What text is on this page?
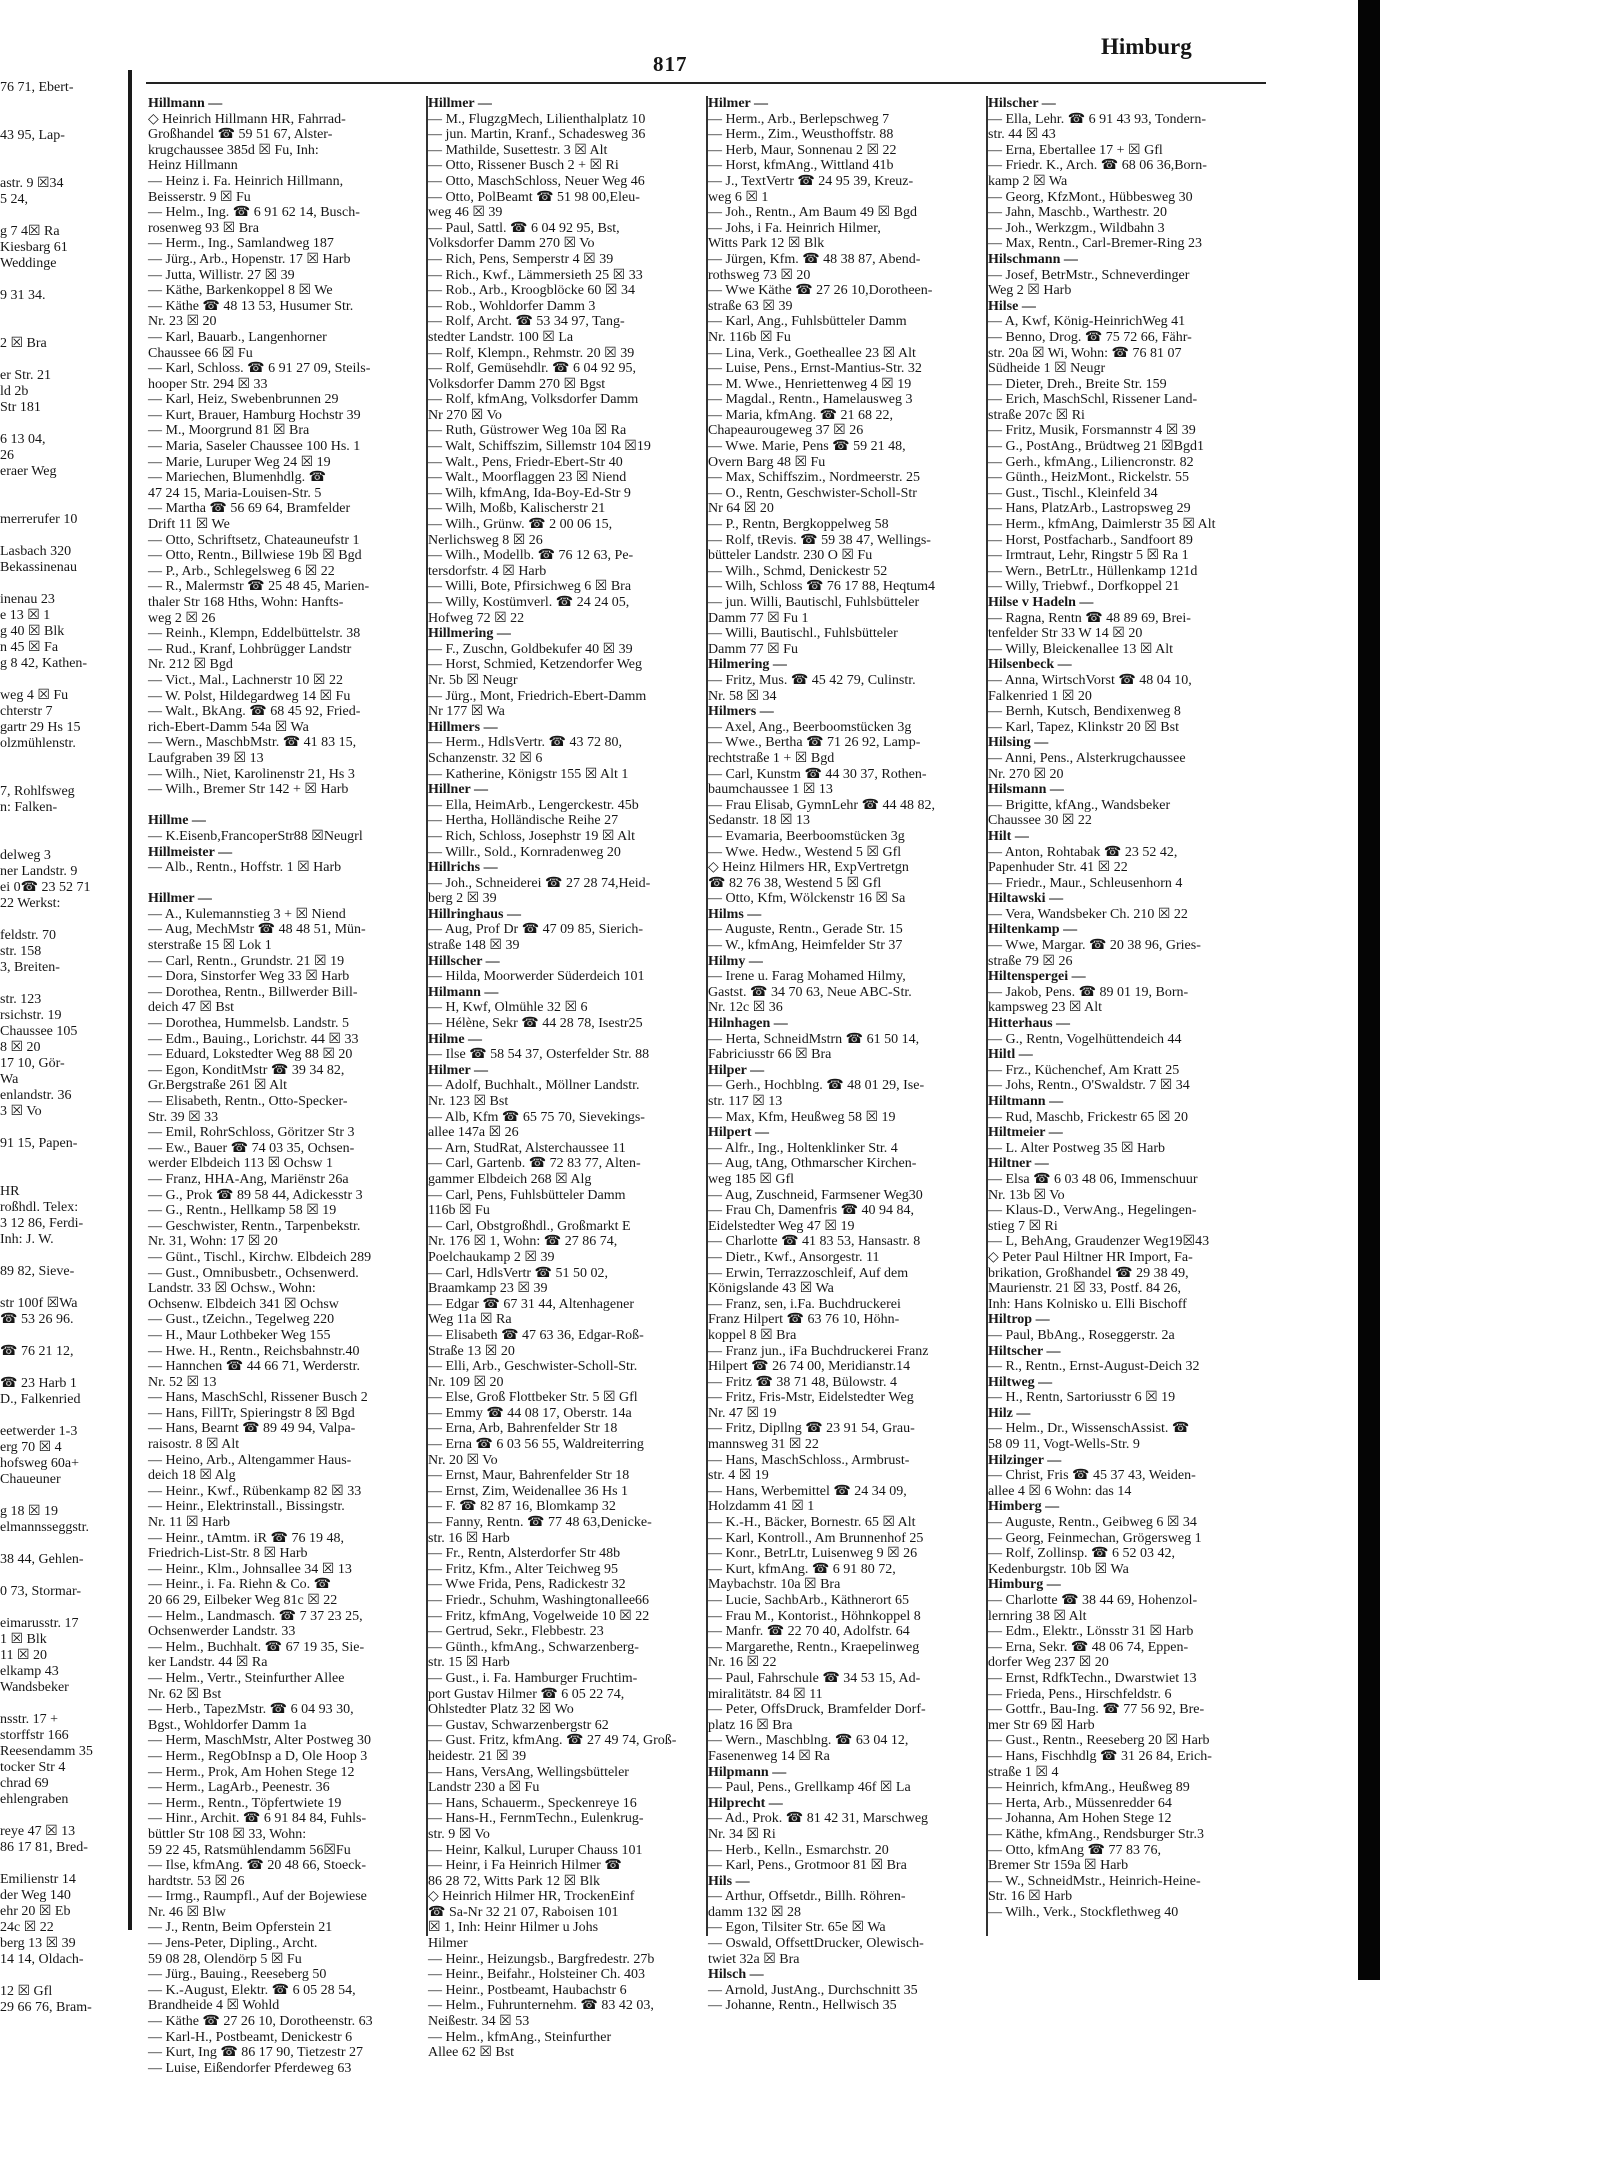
76 71, Ebert-
43 95, Lap-
astr. 9 ☒34
5 24,
g 7 4☒ Ra
Kiesbarg 61
Weddinge
9 31 34.
2 ☒ Bra
er Str. 21
ld 2b
Str 181
6 13 04,
26
eraer Weg
merrerufer 10
Lasbach 320
Bekassinenau
inenau 23
e 13 ☒ 1
g 40 ☒ Blk
n 45 ☒ Fa
g 8 42, Kathen-
weg 4 ☒ Fu
chterstr 7
gartr 29 Hs 15
olzmühlenstr.
7, Rohlfsweg
n: Falken-
delweg 3
ner Landstr. 9
ei 0☎ 23 52 71
22 Werkst:
feldstr. 70
str. 158
3, Breiten-
str. 123
rsichstr. 19
Chaussee 105
8 ☒ 20
17 10, Gör-
Wa
enlandstr. 36
3 ☒ Vo
91 15, Papen-
HR
roßhdl. Telex:
3 12 86, Ferdi-
Inh: J. W.
89 82, Sieve-
str 100f ☒Wa
☎ 53 26 96.
☎ 76 21 12,
☎ 23 Harb 1
D., Falkenried
eetwerder 1-3
erg 70 ☒ 4
hofsweg 60a+
Chaueuner
g 18 ☒ 19
elmannsseggstr.
38 44, Gehlen-
0 73, Stormar-
eimarusstr. 17
1 ☒ Blk
11 ☒ 20
elkamp 43
Wandsbeker
nsstr. 17 +
storffstr 166
Reesendamm 35
tocker Str 4
chrad 69
ehlengraben
reye 47 ☒ 13
86 17 81, Bred-
Emilienstr 14
der Weg 140
ehr 20 ☒ Eb
24c ☒ 22
berg 13 ☒ 39
14 14, Oldach-
12 ☒ Gfl
29 66 76, Bram-
817
Himburg

Hillmann —

◇ Heinrich Hillmann HR, Fahrrad-

Großhandel ☎ 59 51 67, Alster-

krugchaussee 385d ☒ Fu, Inh:

Heinz Hillmann

— Heinz i. Fa. Heinrich Hillmann,

Beisserstr. 9 ☒ Fu

— Helm., Ing. ☎ 6 91 62 14, Busch-

rosenweg 93 ☒ Bra

— Herm., Ing., Samlandweg 187

— Jürg., Arb., Hopenstr. 17 ☒ Harb

— Jutta, Willistr. 27 ☒ 39

— Käthe, Barkenkoppel 8 ☒ We

— Käthe ☎ 48 13 53, Husumer Str.

Nr. 23 ☒ 20

— Karl, Bauarb., Langenhorner

Chaussee 66 ☒ Fu

— Karl, Schloss. ☎ 6 91 27 09, Steils-

hooper Str. 294 ☒ 33

— Karl, Heiz, Swebenbrunnen 29

— Kurt, Brauer, Hamburg Hochstr 39

— M., Moorgrund 81 ☒ Bra

— Maria, Saseler Chaussee 100 Hs. 1

— Marie, Luruper Weg 24 ☒ 19

— Mariechen, Blumenhdlg. ☎

47 24 15, Maria-Louisen-Str. 5

— Martha ☎ 56 69 64, Bramfelder

Drift 11 ☒ We

— Otto, Schriftsetz, Chateauneufstr 1

— Otto, Rentn., Billwiese 19b ☒ Bgd

— P., Arb., Schlegelsweg 6 ☒ 22

— R., Malermstr ☎ 25 48 45, Marien-

thaler Str 168 Hths, Wohn: Hanfts-

weg 2 ☒ 26

— Reinh., Klempn, Eddelbüttelstr. 38

— Rud., Kranf, Lohbrügger Landstr

Nr. 212 ☒ Bgd

— Vict., Mal., Lachnerstr 10 ☒ 22

— W. Polst, Hildegardweg 14 ☒ Fu

— Walt., BkAng. ☎ 68 45 92, Fried-

rich-Ebert-Damm 54a ☒ Wa

— Wern., MaschbMstr. ☎ 41 83 15,

Laufgraben 39 ☒ 13

— Wilh., Niet, Karolinenstr 21, Hs 3

— Wilh., Bremer Str 142 + ☒ Harb

Hillme —

— K.Eisenb,FrancoperStr88 ☒Neugrl

Hillmeister —

— Alb., Rentn., Hoffstr. 1 ☒ Harb

Hillmer —

— A., Kulemannstieg 3 + ☒ Niend

— Aug, MechMstr ☎ 48 48 51, Mün-

sterstraße 15 ☒ Lok 1

— Carl, Rentn., Grundstr. 21 ☒ 19

— Dora, Sinstorfer Weg 33 ☒ Harb

— Dorothea, Rentn., Billwerder Bill-

deich 47 ☒ Bst

— Dorothea, Hummelsb. Landstr. 5

— Edm., Bauing., Lorichstr. 44 ☒ 33

— Eduard, Lokstedter Weg 88 ☒ 20

— Egon, KonditMstr ☎ 39 34 82,

Gr.Bergstraße 261 ☒ Alt

— Elisabeth, Rentn., Otto-Specker-

Str. 39 ☒ 33

— Emil, RohrSchloss, Göritzer Str 3

— Ew., Bauer ☎ 74 03 35, Ochsen-

werder Elbdeich 113 ☒ Ochsw 1

— Franz, HHA-Ang, Mariënstr 26a

— G., Prok ☎ 89 58 44, Adickesstr 3

— G., Rentn., Hellkamp 58 ☒ 19

— Geschwister, Rentn., Tarpenbekstr.

Nr. 31, Wohn: 17 ☒ 20

— Günt., Tischl., Kirchw. Elbdeich 289

— Gust., Omnibusbetr., Ochsenwerd.

Landstr. 33 ☒ Ochsw., Wohn:

Ochsenw. Elbdeich 341 ☒ Ochsw

— Gust., tZeichn., Tegelweg 220

— H., Maur Lothbeker Weg 155

— Hwe. H., Rentn., Reichsbahnstr.40

— Hannchen ☎ 44 66 71, Werderstr.

Nr. 52 ☒ 13

— Hans, MaschSchl, Rissener Busch 2

— Hans, FillTr, Spieringstr 8 ☒ Bgd

— Hans, Bearnt ☎ 89 49 94, Valpa-

raisostr. 8 ☒ Alt

— Heino, Arb., Altengammer Haus-

deich 18 ☒ Alg

— Heinr., Kwf., Rübenkamp 82 ☒ 33

— Heinr., Elektrinstall., Bissingstr.

Nr. 11 ☒ Harb

— Heinr., tAmtm. iR ☎ 76 19 48,

Friedrich-List-Str. 8 ☒ Harb

— Heinr., Klm., Johnsallee 34 ☒ 13

— Heinr., i. Fa. Riehn & Co. ☎

20 66 29, Eilbeker Weg 81c ☒ 22

— Helm., Landmasch. ☎ 7 37 23 25,

Ochsenwerder Landstr. 33

— Helm., Buchhalt. ☎ 67 19 35, Sie-

ker Landstr. 44 ☒ Ra

— Helm., Vertr., Steinfurther Allee

Nr. 62 ☒ Bst

— Herb., TapezMstr. ☎ 6 04 93 30,

Bgst., Wohldorfer Damm 1a

— Herm, MaschMstr, Alter Postweg 30

— Herm., RegObInsp a D, Ole Hoop 3

— Herm., Prok, Am Hohen Stege 12

— Herm., LagArb., Peenestr. 36

— Herm., Rentn., Töpfertwiete 19

— Hinr., Archit. ☎ 6 91 84 84, Fuhls-

büttler Str 108 ☒ 33, Wohn:

59 22 45, Ratsmühlendamm 56☒Fu

— Ilse, kfmAng. ☎ 20 48 66, Stoeck-

hardtstr. 53 ☒ 26

— Irmg., Raumpfl., Auf der Bojewiese

Nr. 46 ☒ Blw

— J., Rentn, Beim Opferstein 21

— Jens-Peter, Dipling., Archt.

59 08 28, Olendörp 5 ☒ Fu

— Jürg., Bauing., Reeseberg 50

— K.-August, Elektr. ☎ 6 05 28 54,

Brandheide 4 ☒ Wohld

— Käthe ☎ 27 26 10, Dorotheenstr. 63

— Karl-H., Postbeamt, Denickestr 6

— Kurt, Ing ☎ 86 17 90, Tietzestr 27

— Luise, Eißendorfer Pferdeweg 63

Hillmer —

— M., FlugzgMech, Lilienthalplatz 10

— jun. Martin, Kranf., Schadesweg 36

— Mathilde, Susettestr. 3 ☒ Alt

— Otto, Rissener Busch 2 + ☒ Ri

— Otto, MaschSchloss, Neuer Weg 46

— Otto, PolBeamt ☎ 51 98 00,Eleu-

weg 46 ☒ 39

— Paul, Sattl. ☎ 6 04 92 95, Bst,

Volksdorfer Damm 270 ☒ Vo

— Rich, Pens, Semperstr 4 ☒ 39

— Rich., Kwf., Lämmersieth 25 ☒ 33

— Rob., Arb., Kroogblöcke 60 ☒ 34

— Rob., Wohldorfer Damm 3

— Rolf, Archt. ☎ 53 34 97, Tang-

stedter Landstr. 100 ☒ La

— Rolf, Klempn., Rehmstr. 20 ☒ 39

— Rolf, Gemüsehdlr. ☎ 6 04 92 95,

Volksdorfer Damm 270 ☒ Bgst

— Rolf, kfmAng, Volksdorfer Damm

Nr 270 ☒ Vo

— Ruth, Güstrower Weg 10a ☒ Ra

— Walt, Schiffszim, Sillemstr 104 ☒19

— Walt., Pens, Friedr-Ebert-Str 40

— Walt., Moorflaggen 23 ☒ Niend

— Wilh, kfmAng, Ida-Boy-Ed-Str 9

— Wilh, Moßb, Kalischerstr 21

— Wilh., Grünw. ☎ 2 00 06 15,

Nerlichsweg 8 ☒ 26

— Wilh., Modellb. ☎ 76 12 63, Pe-

tersdorfstr. 4 ☒ Harb

— Willi, Bote, Pfirsichweg 6 ☒ Bra

— Willy, Kostümverl. ☎ 24 24 05,

Hofweg 72 ☒ 22

Hillmering —

— F., Zuschn, Goldbekufer 40 ☒ 39

— Horst, Schmied, Ketzendorfer Weg

Nr. 5b ☒ Neugr

— Jürg., Mont, Friedrich-Ebert-Damm

Nr 177 ☒ Wa

Hillmers —

— Herm., HdlsVertr. ☎ 43 72 80,

Schanzenstr. 32 ☒ 6

— Katherine, Königstr 155 ☒ Alt 1

Hillner —

— Ella, HeimArb., Lengerckestr. 45b

— Hertha, Holländische Reihe 27

— Rich, Schloss, Josephstr 19 ☒ Alt

— Willr., Sold., Kornradenweg 20

Hillrichs —

— Joh., Schneiderei ☎ 27 28 74,Heid-

berg 2 ☒ 39

Hillringhaus —

— Aug, Prof Dr ☎ 47 09 85, Sierich-

straße 148 ☒ 39

Hillscher —

— Hilda, Moorwerder Süderdeich 101

Hilmann —

— H, Kwf, Olmühle 32 ☒ 6

— Hélène, Sekr ☎ 44 28 78, Isestr25

Hilme —

— Ilse ☎ 58 54 37, Osterfelder Str. 88

Hilmer —

— Adolf, Buchhalt., Möllner Landstr.

Nr. 123 ☒ Bst

— Alb, Kfm ☎ 65 75 70, Sievekings-

allee 147a ☒ 26

— Arn, StudRat, Alsterchaussee 11

— Carl, Gartenb. ☎ 72 83 77, Alten-

gammer Elbdeich 268 ☒ Alg

— Carl, Pens, Fuhlsbütteler Damm

116b ☒ Fu

— Carl, Obstgroßhdl., Großmarkt E

Nr. 176 ☒ 1, Wohn: ☎ 27 86 74,

Poelchaukamp 2 ☒ 39

— Carl, HdlsVertr ☎ 51 50 02,

Braamkamp 23 ☒ 39

— Edgar ☎ 67 31 44, Altenhagener

Weg 11a ☒ Ra

— Elisabeth ☎ 47 63 36, Edgar-Roß-

Straße 13 ☒ 20

— Elli, Arb., Geschwister-Scholl-Str.

Nr. 109 ☒ 20

— Else, Groß Flottbeker Str. 5 ☒ Gfl

— Emmy ☎ 44 08 17, Oberstr. 14a

— Erna, Arb, Bahrenfelder Str 18

— Erna ☎ 6 03 56 55, Waldreiterring

Nr. 20 ☒ Vo

— Ernst, Maur, Bahrenfelder Str 18

— Ernst, Zim, Weidenallee 36 Hs 1

— F. ☎ 82 87 16, Blomkamp 32

— Fanny, Rentn. ☎ 77 48 63,Denicke-

str. 16 ☒ Harb

— Fr., Rentn, Alsterdorfer Str 48b

— Fritz, Kfm., Alter Teichweg 95

— Wwe Frida, Pens, Radickestr 32

— Friedr., Schuhm, Washingtonallee66

— Fritz, kfmAng, Vogelweide 10 ☒ 22

— Gertrud, Sekr., Flebbestr. 23

— Günth., kfmAng., Schwarzenberg-

str. 15 ☒ Harb

— Gust., i. Fa. Hamburger Fruchtim-

port Gustav Hilmer ☎ 6 05 22 74,

Ohlstedter Platz 32 ☒ Wo

— Gustav, Schwarzenbergstr 62

— Gust. Fritz, kfmAng. ☎ 27 49 74, Groß-

heidestr. 21 ☒ 39

— Hans, VersAng, Wellingsbütteler

Landstr 230 a ☒ Fu

— Hans, Schauerm., Speckenreye 16

— Hans-H., FernmTechn., Eulenkrug-

str. 9 ☒ Vo

— Heinr, Kalkul, Luruper Chauss 101

— Heinr, i Fa Heinrich Hilmer ☎

86 28 72, Witts Park 12 ☒ Blk

◇ Heinrich Hilmer HR, TrockenEinf

☎ Sa-Nr 32 21 07, Raboisen 101

☒ 1, Inh: Heinr Hilmer u Johs

Hilmer

— Heinr., Heizungsb., Bargfredestr. 27b

— Heinr., Beifahr., Holsteiner Ch. 403

— Heinr., Postbeamt, Haubachstr 6

— Helm., Fuhrunternehm. ☎ 83 42 03,

Neißestr. 34 ☒ 53

— Helm., kfmAng., Steinfurther

Allee 62 ☒ Bst

Hilmer —

— Herm., Arb., Berlepschweg 7

— Herm., Zim., Weusthoffstr. 88

— Herb, Maur, Sonnenau 2 ☒ 22

— Horst, kfmAng., Wittland 41b

— J., TextVertr ☎ 24 95 39, Kreuz-

weg 6 ☒ 1

— Joh., Rentn., Am Baum 49 ☒ Bgd

— Johs, i Fa. Heinrich Hilmer,

Witts Park 12 ☒ Blk

— Jürgen, Kfm. ☎ 48 38 87, Abend-

rothsweg 73 ☒ 20

— Wwe Käthe ☎ 27 26 10,Dorotheen-

straße 63 ☒ 39

— Karl, Ang., Fuhlsbütteler Damm

Nr. 116b ☒ Fu

— Lina, Verk., Goetheallee 23 ☒ Alt

— Luise, Pens., Ernst-Mantius-Str. 32

— M. Wwe., Henriettenweg 4 ☒ 19

— Magdal., Rentn., Hamelausweg 3

— Maria, kfmAng. ☎ 21 68 22,

Chapeaurougeweg 37 ☒ 26

— Wwe. Marie, Pens ☎ 59 21 48,

Overn Barg 48 ☒ Fu

— Max, Schiffszim., Nordmeerstr. 25

— O., Rentn, Geschwister-Scholl-Str

Nr 64 ☒ 20

— P., Rentn, Bergkoppelweg 58

— Rolf, tRevis. ☎ 59 38 47, Wellings-

bütteler Landstr. 230 O ☒ Fu

— Wilh., Schmd, Denickestr 52

— Wilh, Schloss ☎ 76 17 88, Heqtum4

— jun. Willi, Bautischl, Fuhlsbütteler

Damm 77 ☒ Fu 1

— Willi, Bautischl., Fuhlsbütteler

Damm 77 ☒ Fu

Hilmering —

— Fritz, Mus. ☎ 45 42 79, Culinstr.

Nr. 58 ☒ 34

Hilmers —

— Axel, Ang., Beerboomstücken 3g

— Wwe., Bertha ☎ 71 26 92, Lamp-

rechtstraße 1 + ☒ Bgd

— Carl, Kunstm ☎ 44 30 37, Rothen-

baumchaussee 1 ☒ 13

— Frau Elisab, GymnLehr ☎ 44 48 82,

Sedanstr. 18 ☒ 13

— Evamaria, Beerboomstücken 3g

— Wwe. Hedw., Westend 5 ☒ Gfl

◇ Heinz Hilmers HR, ExpVertretgn

☎ 82 76 38, Westend 5 ☒ Gfl

— Otto, Kfm, Wölckenstr 16 ☒ Sa

Hilms —

— Auguste, Rentn., Gerade Str. 15

— W., kfmAng, Heimfelder Str 37

Hilmy —

— Irene u. Farag Mohamed Hilmy,

Gastst. ☎ 34 70 63, Neue ABC-Str.

Nr. 12c ☒ 36

Hilnhagen —

— Herta, SchneidMstrn ☎ 61 50 14,

Fabriciusstr 66 ☒ Bra

Hilper —

— Gerh., Hochblng. ☎ 48 01 29, Ise-

str. 117 ☒ 13

— Max, Kfm, Heußweg 58 ☒ 19

Hilpert —

— Alfr., Ing., Holtenklinker Str. 4

— Aug, tAng, Othmarscher Kirchen-

weg 185 ☒ Gfl

— Aug, Zuschneid, Farmsener Weg30

— Frau Ch, Damenfris ☎ 40 94 84,

Eidelstedter Weg 47 ☒ 19

— Charlotte ☎ 41 83 53, Hansastr. 8

— Dietr., Kwf., Ansorgestr. 11

— Erwin, Terrazzoschleif, Auf dem

Königslande 43 ☒ Wa

— Franz, sen, i.Fa. Buchdruckerei

Franz Hilpert ☎ 63 76 10, Höhn-

koppel 8 ☒ Bra

— Franz jun., iFa Buchdruckerei Franz

Hilpert ☎ 26 74 00, Meridianstr.14

— Fritz ☎ 38 71 48, Bülowstr. 4

— Fritz, Fris-Mstr, Eidelstedter Weg

Nr. 47 ☒ 19

— Fritz, Dipllng ☎ 23 91 54, Grau-

mannsweg 31 ☒ 22

— Hans, MaschSchloss., Armbrust-

str. 4 ☒ 19

— Hans, Werbemittel ☎ 24 34 09,

Holzdamm 41 ☒ 1

— K.-H., Bäcker, Bornestr. 65 ☒ Alt

— Karl, Kontroll., Am Brunnenhof 25

— Konr., BetrLtr, Luisenweg 9 ☒ 26

— Kurt, kfmAng. ☎ 6 91 80 72,

Maybachstr. 10a ☒ Bra

— Lucie, SachbArb., Käthnerort 65

— Frau M., Kontorist., Höhnkoppel 8

— Manfr. ☎ 22 70 40, Adolfstr. 64

— Margarethe, Rentn., Kraepelinweg

Nr. 16 ☒ 22

— Paul, Fahrschule ☎ 34 53 15, Ad-

miralitätstr. 84 ☒ 11

— Peter, OffsDruck, Bramfelder Dorf-

platz 16 ☒ Bra

— Wern., Maschblng. ☎ 63 04 12,

Fasenenweg 14 ☒ Ra

Hilpmann —

— Paul, Pens., Grellkamp 46f ☒ La

Hilprecht —

— Ad., Prok. ☎ 81 42 31, Marschweg

Nr. 34 ☒ Ri

— Herb., Kelln., Esmarchstr. 20

— Karl, Pens., Grotmoor 81 ☒ Bra

Hils —

— Arthur, Offsetdr., Billh. Röhren-

damm 132 ☒ 28

— Egon, Tilsiter Str. 65e ☒ Wa

— Oswald, OffsettDrucker, Olewisch-

twiet 32a ☒ Bra

Hilsch —

— Arnold, JustAng., Durchschnitt 35

— Johanne, Rentn., Hellwisch 35

Hilscher —

— Ella, Lehr. ☎ 6 91 43 93, Tondern-

str. 44 ☒ 43

— Erna, Ebertallee 17 + ☒ Gfl

— Friedr. K., Arch. ☎ 68 06 36,Born-

kamp 2 ☒ Wa

— Georg, KfzMont., Hübbesweg 30

— Jahn, Maschb., Warthestr. 20

— Joh., Werkzgm., Wildbahn 3

— Max, Rentn., Carl-Bremer-Ring 23

Hilschmann —

— Josef, BetrMstr., Schneverdinger

Weg 2 ☒ Harb

Hilse —

— A, Kwf, König-HeinrichWeg 41

— Benno, Drog. ☎ 75 72 66, Fähr-

str. 20a ☒ Wi, Wohn: ☎ 76 81 07

Südheide 1 ☒ Neugr

— Dieter, Dreh., Breite Str. 159

— Erich, MaschSchl, Rissener Land-

straße 207c ☒ Ri

— Fritz, Musik, Forsmannstr 4 ☒ 39

— G., PostAng., Brüdtweg 21 ☒Bgd1

— Gerh., kfmAng., Liliencronstr. 82

— Günth., HeizMont., Rickelstr. 55

— Gust., Tischl., Kleinfeld 34

— Hans, PlatzArb., Lastropsweg 29

— Herm., kfmAng, Daimlerstr 35 ☒ Alt

— Horst, Postfacharb., Sandfoort 89

— Irmtraut, Lehr, Ringstr 5 ☒ Ra 1

— Wern., BetrLtr., Hüllenkamp 121d

— Willy, Triebwf., Dorfkoppel 21

Hilse v Hadeln —

— Ragna, Rentn ☎ 48 89 69, Brei-

tenfelder Str 33 W 14 ☒ 20

— Willy, Bleickenallee 13 ☒ Alt

Hilsenbeck —

— Anna, WirtschVorst ☎ 48 04 10,

Falkenried 1 ☒ 20

— Bernh, Kutsch, Bendixenweg 8

— Karl, Tapez, Klinkstr 20 ☒ Bst

Hilsing —

— Anni, Pens., Alsterkrugchaussee

Nr. 270 ☒ 20

Hilsmann —

— Brigitte, kfAng., Wandsbeker

Chaussee 30 ☒ 22

Hilt —

— Anton, Rohtabak ☎ 23 52 42,

Papenhuder Str. 41 ☒ 22

— Friedr., Maur., Schleusenhorn 4

Hiltawski —

— Vera, Wandsbeker Ch. 210 ☒ 22

Hiltenkamp —

— Wwe, Margar. ☎ 20 38 96, Gries-

straße 79 ☒ 26

Hiltenspergei —

— Jakob, Pens. ☎ 89 01 19, Born-

kampsweg 23 ☒ Alt

Hitterhaus —

— G., Rentn, Vogelhüttendeich 44

Hiltl —

— Frz., Küchenchef, Am Kratt 25

— Johs, Rentn., O'Swaldstr. 7 ☒ 34

Hiltmann —

— Rud, Maschb, Frickestr 65 ☒ 20

Hiltmeier —

— L. Alter Postweg 35 ☒ Harb

Hiltner —

— Elsa ☎ 6 03 48 06, Immenschuur

Nr. 13b ☒ Vo

— Klaus-D., VerwAng., Hegelingen-

stieg 7 ☒ Ri

— L, BehAng, Graudenzer Weg19☒43

◇ Peter Paul Hiltner HR Import, Fa-

brikation, Großhandel ☎ 29 38 49,

Maurienstr. 21 ☒ 33, Postf. 84 26,

Inh: Hans Kolnisko u. Elli Bischoff

Hiltrop —

— Paul, BbAng., Roseggerstr. 2a

Hiltscher —

— R., Rentn., Ernst-August-Deich 32

Hiltweg —

— H., Rentn, Sartoriusstr 6 ☒ 19

Hilz —

— Helm., Dr., WissenschAssist. ☎

58 09 11, Vogt-Wells-Str. 9

Hilzinger —

— Christ, Fris ☎ 45 37 43, Weiden-

allee 4 ☒ 6 Wohn: das 14

Himberg —

— Auguste, Rentn., Geibweg 6 ☒ 34

— Georg, Feinmechan, Grögersweg 1

— Rolf, Zollinsp. ☎ 6 52 03 42,

Kedenburgstr. 10b ☒ Wa

Himburg —

— Charlotte ☎ 38 44 69, Hohenzol-

lernring 38 ☒ Alt

— Edm., Elektr., Lönsstr 31 ☒ Harb

— Erna, Sekr. ☎ 48 06 74, Eppen-

dorfer Weg 237 ☒ 20

— Ernst, RdfkTechn., Dwarstwiet 13

— Frieda, Pens., Hirschfeldstr. 6

— Gottfr., Bau-Ing. ☎ 77 56 92, Bre-

mer Str 69 ☒ Harb

— Gust., Rentn., Reeseberg 20 ☒ Harb

— Hans, Fischhdlg ☎ 31 26 84, Erich-

straße 1 ☒ 4

— Heinrich, kfmAng., Heußweg 89

— Herta, Arb., Müssenredder 64

— Johanna, Am Hohen Stege 12

— Käthe, kfmAng., Rendsburger Str.3

— Otto, kfmAng ☎ 77 83 76,

Bremer Str 159a ☒ Harb

— W., SchneidMstr., Heinrich-Heine-

Str. 16 ☒ Harb

— Wilh., Verk., Stockflethweg 40
